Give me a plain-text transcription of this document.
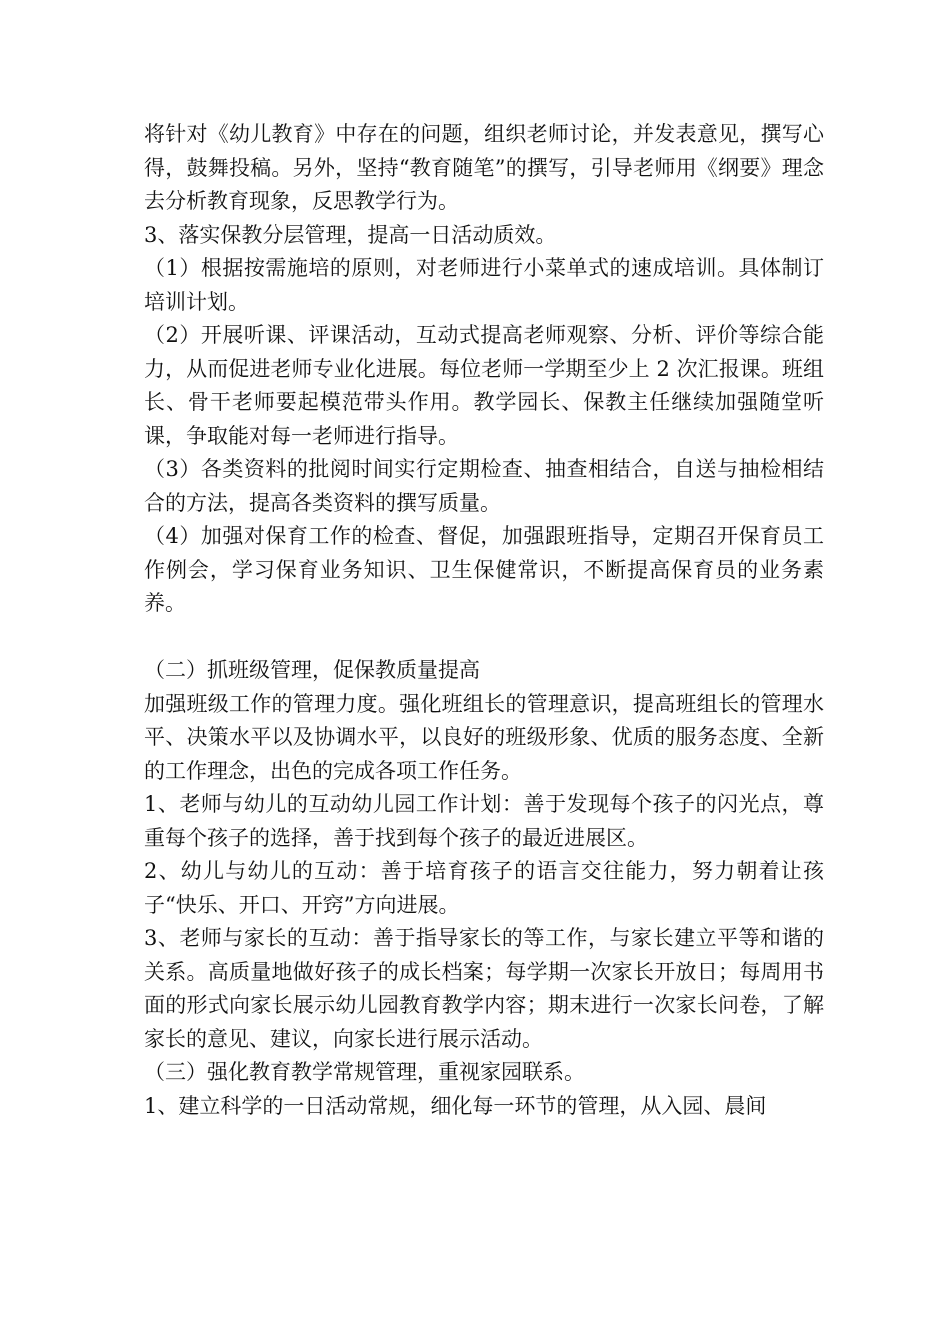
将针对《幼儿教育》中存在的问题，组织老师讨论，并发表意见，撰写心得，鼓舞投稿。另外，坚持“教育随笔”的撰写，引导老师用《纲要》理念去分析教育现象，反思教学行为。

3、落实保教分层管理，提高一日活动质效。

（1）根据按需施培的原则，对老师进行小菜单式的速成培训。具体制订培训计划。

（2）开展听课、评课活动，互动式提高老师观察、分析、评价等综合能力，从而促进老师专业化进展。每位老师一学期至少上 2 次汇报课。班组长、骨干老师要起模范带头作用。教学园长、保教主任继续加强随堂听课，争取能对每一老师进行指导。

（3）各类资料的批阅时间实行定期检查、抽查相结合，自送与抽检相结合的方法，提高各类资料的撰写质量。

（4）加强对保育工作的检查、督促，加强跟班指导，定期召开保育员工作例会，学习保育业务知识、卫生保健常识，不断提高保育员的业务素养。

（二）抓班级管理，促保教质量提高

加强班级工作的管理力度。强化班组长的管理意识，提高班组长的管理水平、决策水平以及协调水平，以良好的班级形象、优质的服务态度、全新的工作理念，出色的完成各项工作任务。

1、老师与幼儿的互动幼儿园工作计划：善于发现每个孩子的闪光点，尊重每个孩子的选择，善于找到每个孩子的最近进展区。

2、幼儿与幼儿的互动：善于培育孩子的语言交往能力，努力朝着让孩子“快乐、开口、开窍”方向进展。

3、老师与家长的互动：善于指导家长的等工作，与家长建立平等和谐的关系。高质量地做好孩子的成长档案；每学期一次家长开放日；每周用书面的形式向家长展示幼儿园教育教学内容；期末进行一次家长问卷，了解家长的意见、建议，向家长进行展示活动。

（三）强化教育教学常规管理，重视家园联系。

1、建立科学的一日活动常规，细化每一环节的管理，从入园、晨间
